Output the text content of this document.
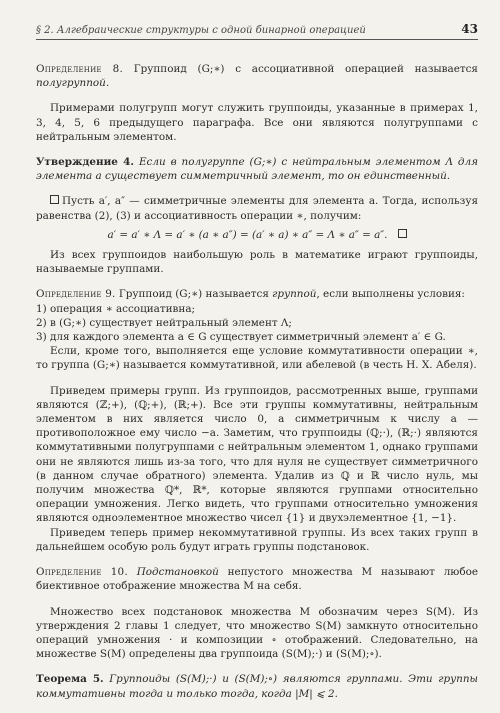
§ 2. Алгебраические структуры с одной бинарной операцией	43

Определение 8. Группоид (G;∗) с ассоциативной операцией называется полугруппой.

Примерами полугрупп могут служить группоиды, указанные в примерах 1, 3, 4, 5, 6 предыдущего параграфа. Все они являются полугруппами с нейтральным элементом.

Утверждение 4. Если в полугруппе (G;∗) с нейтральным элементом Λ для элемента a существует симметричный элемент, то он единственный.

Пусть a′, a″ — симметричные элементы для элемента a. Тогда, используя равенства (2), (3) и ассоциативность операции ∗, получим:

a′ = a′ ∗ Λ = a′ ∗ (a ∗ a″) = (a′ ∗ a) ∗ a″ = Λ ∗ a″ = a″.

Из всех группоидов наибольшую роль в математике играют группоиды, называемые группами.

Определение 9. Группоид (G;∗) называется группой, если выполнены условия:

1) операция ∗ ассоциативна;

2) в (G;∗) существует нейтральный элемент Λ;

3) для каждого элемента a ∈ G существует симметричный элемент a′ ∈ G.

Если, кроме того, выполняется еще условие коммутативности операции ∗, то группа (G;∗) называется коммутативной, или абелевой (в честь Н. Х. Абеля).

Приведем примеры групп. Из группоидов, рассмотренных выше, группами являются (ℤ;+), (ℚ;+), (ℝ;+). Все эти группы коммутативны, нейтральным элементом в них является число 0, а симметричным к числу a — противоположное ему число −a. Заметим, что группоиды (ℚ;·), (ℝ;·) являются коммутативными полугруппами с нейтральным элементом 1, однако группами они не являются лишь из-за того, что для нуля не существует симметричного (в данном случае обратного) элемента. Удалив из ℚ и ℝ число нуль, мы получим множества ℚ*, ℝ*, которые являются группами относительно операции умножения. Легко видеть, что группами относительно умножения являются одноэлементное множество чисел {1} и двухэлементное {1, −1}.

Приведем теперь пример некоммутативной группы. Из всех таких групп в дальнейшем особую роль будут играть группы подстановок.

Определение 10. Подстановкой непустого множества M называют любое биективное отображение множества M на себя.

Множество всех подстановок множества M обозначим через S(M). Из утверждения 2 главы 1 следует, что множество S(M) замкнуто относительно операций умножения · и композиции ∘ отображений. Следовательно, на множестве S(M) определены два группоида (S(M);·) и (S(M);∘).

Теорема 5. Группоиды (S(M);·) и (S(M);∘) являются группами. Эти группы коммутативны тогда и только тогда, когда |M| ⩽ 2.
